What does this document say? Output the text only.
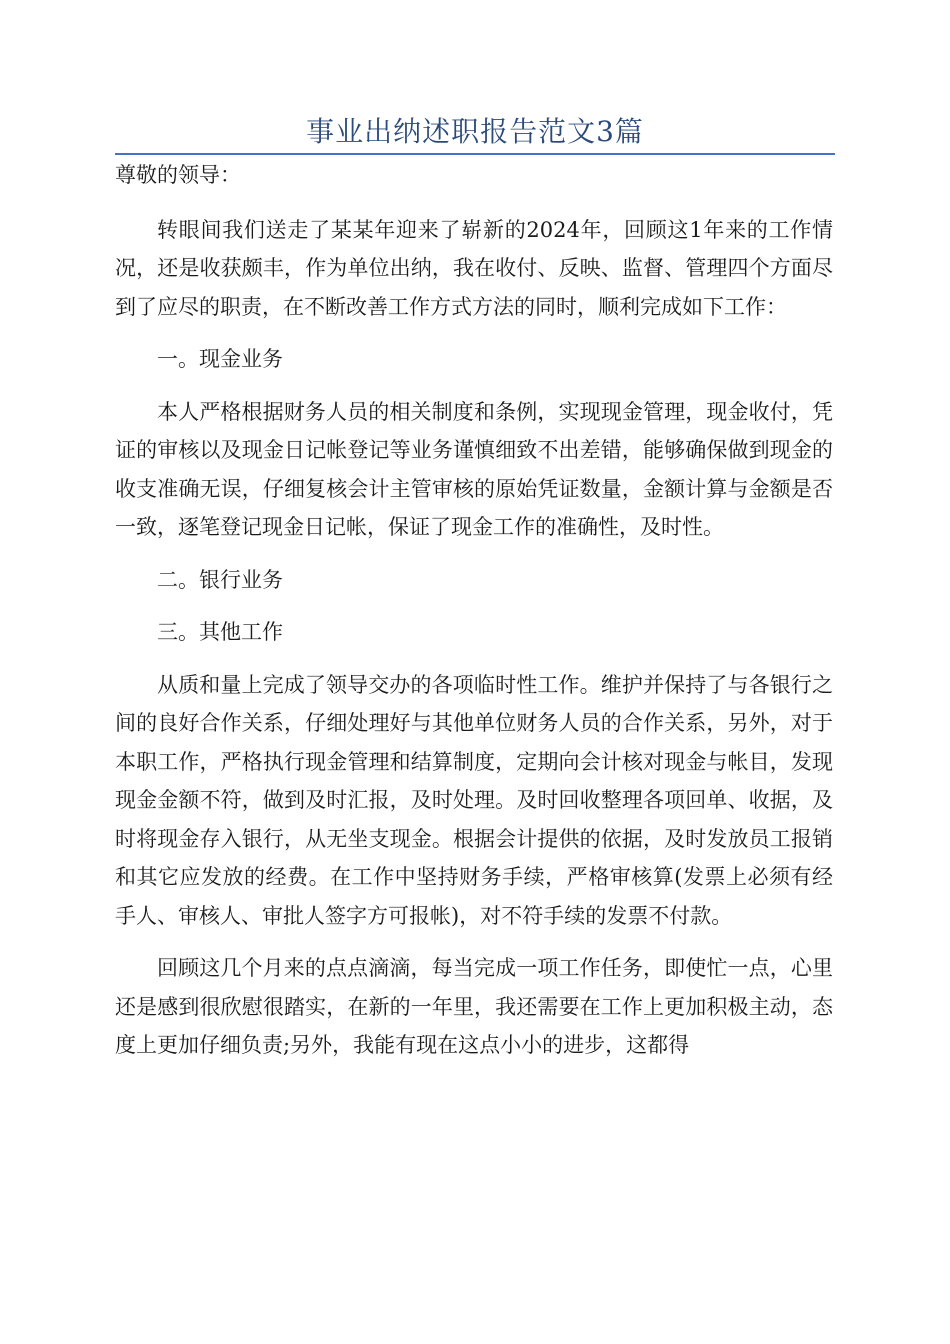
事业出纳述职报告范文3篇

尊敬的领导：

转眼间我们送走了某某年迎来了崭新的2024年，回顾这1年来的工作情况，还是收获颇丰，作为单位出纳，我在收付、反映、监督、管理四个方面尽到了应尽的职责，在不断改善工作方式方法的同时，顺利完成如下工作：

一。现金业务

本人严格根据财务人员的相关制度和条例，实现现金管理，现金收付，凭证的审核以及现金日记帐登记等业务谨慎细致不出差错，能够确保做到现金的收支准确无误，仔细复核会计主管审核的原始凭证数量，金额计算与金额是否一致，逐笔登记现金日记帐，保证了现金工作的准确性，及时性。

二。银行业务

三。其他工作

从质和量上完成了领导交办的各项临时性工作。维护并保持了与各银行之间的良好合作关系，仔细处理好与其他单位财务人员的合作关系，另外，对于本职工作，严格执行现金管理和结算制度，定期向会计核对现金与帐目，发现现金金额不符，做到及时汇报，及时处理。及时回收整理各项回单、收据，及时将现金存入银行，从无坐支现金。根据会计提供的依据，及时发放员工报销和其它应发放的经费。在工作中坚持财务手续，严格审核算(发票上必须有经手人、审核人、审批人签字方可报帐)，对不符手续的发票不付款。

回顾这几个月来的点点滴滴，每当完成一项工作任务，即使忙一点，心里还是感到很欣慰很踏实，在新的一年里，我还需要在工作上更加积极主动，态度上更加仔细负责;另外，我能有现在这点小小的进步，这都得
